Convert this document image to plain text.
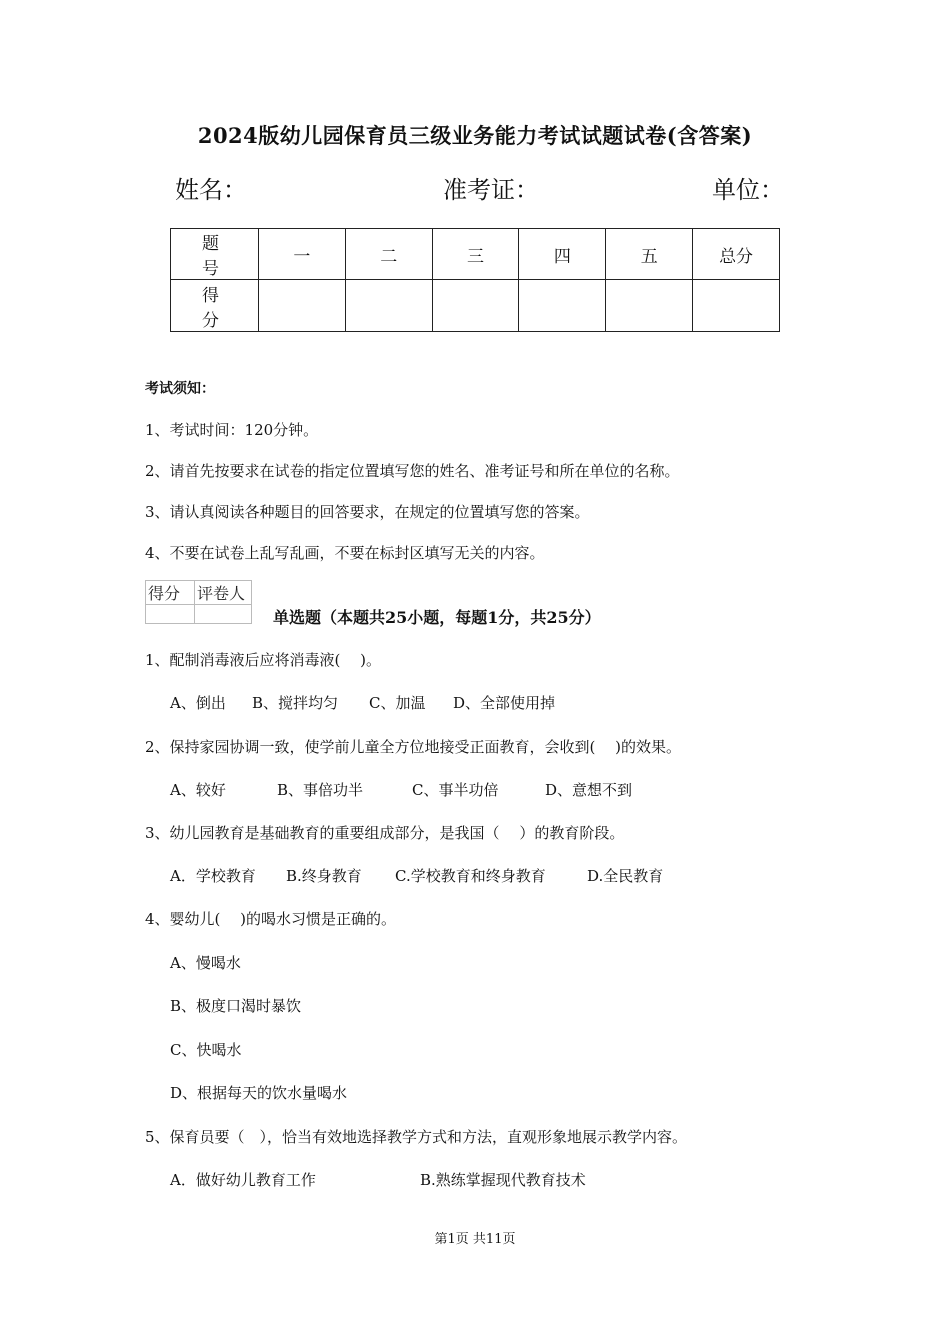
2024版幼儿园保育员三级业务能力考试试题试卷(含答案)
姓名：	准考证：	单位：
题　号	一	二	三	四	五	总分
得　分						
考试须知：
1、考试时间：120分钟。
2、请首先按要求在试卷的指定位置填写您的姓名、准考证号和所在单位的名称。
3、请认真阅读各种题目的回答要求，在规定的位置填写您的答案。
4、不要在试卷上乱写乱画，不要在标封区填写无关的内容。
得分	评卷人

单选题（本题共25小题，每题1分，共25分）
1、配制消毒液后应将消毒液(　 )。
A、倒出 B、搅拌均匀 C、加温 D、全部使用掉
2、保持家园协调一致，使学前儿童全方位地接受正面教育，会收到(　 )的效果。
A、较好	B、事倍功半	C、事半功倍	D、意想不到
3、幼儿园教育是基础教育的重要组成部分，是我国（　 ）的教育阶段。
A．学校教育 B.终身教育 C.学校教育和终身教育	D.全民教育
4、婴幼儿(　 )的喝水习惯是正确的。
A、慢喝水
B、极度口渴时暴饮
C、快喝水
D、根据每天的饮水量喝水
5、保育员要（　），恰当有效地选择教学方式和方法，直观形象地展示教学内容。
A．做好幼儿教育工作	B.熟练掌握现代教育技术
第1页 共11页
